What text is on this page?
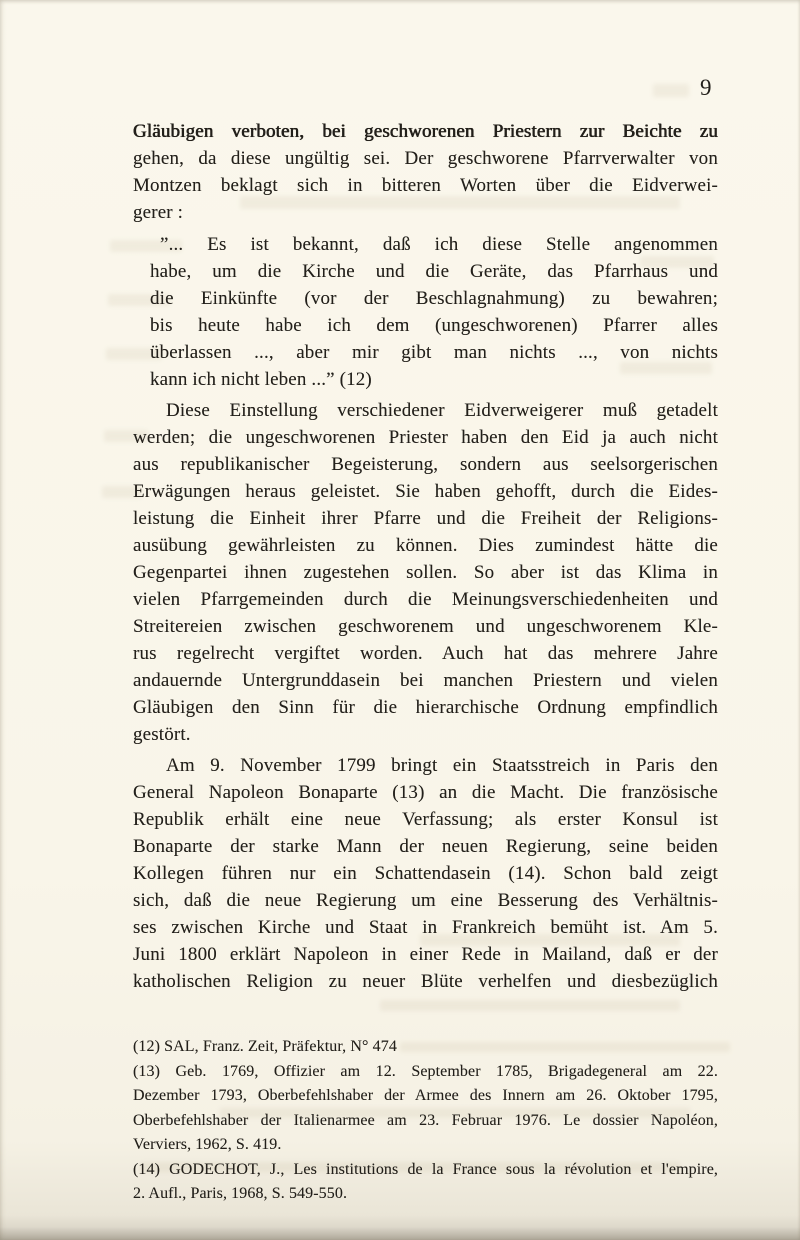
9
Gläubigen verboten, bei geschworenen Priestern zur Beichte zu
gehen, da diese ungültig sei. Der geschworene Pfarrverwalter von
Montzen beklagt sich in bitteren Worten über die Eidverwei-
gerer :
”... Es ist bekannt, daß ich diese Stelle angenommen
habe, um die Kirche und die Geräte, das Pfarrhaus und
die Einkünfte (vor der Beschlagnahmung) zu bewahren;
bis heute habe ich dem (ungeschworenen) Pfarrer alles
überlassen ..., aber mir gibt man nichts ..., von nichts
kann ich nicht leben ...” (12)
Diese Einstellung verschiedener Eidverweigerer muß getadelt
werden; die ungeschworenen Priester haben den Eid ja auch nicht
aus republikanischer Begeisterung, sondern aus seelsorgerischen
Erwägungen heraus geleistet. Sie haben gehofft, durch die Eides-
leistung die Einheit ihrer Pfarre und die Freiheit der Religions-
ausübung gewährleisten zu können. Dies zumindest hätte die
Gegenpartei ihnen zugestehen sollen. So aber ist das Klima in
vielen Pfarrgemeinden durch die Meinungsverschiedenheiten und
Streitereien zwischen geschworenem und ungeschworenem Kle-
rus regelrecht vergiftet worden. Auch hat das mehrere Jahre
andauernde Untergrunddasein bei manchen Priestern und vielen
Gläubigen den Sinn für die hierarchische Ordnung empfindlich
gestört.
Am 9. November 1799 bringt ein Staatsstreich in Paris den
General Napoleon Bonaparte (13) an die Macht. Die französische
Republik erhält eine neue Verfassung; als erster Konsul ist
Bonaparte der starke Mann der neuen Regierung, seine beiden
Kollegen führen nur ein Schattendasein (14). Schon bald zeigt
sich, daß die neue Regierung um eine Besserung des Verhältnis-
ses zwischen Kirche und Staat in Frankreich bemüht ist. Am 5.
Juni 1800 erklärt Napoleon in einer Rede in Mailand, daß er der
katholischen Religion zu neuer Blüte verhelfen und diesbezüglich
(12) SAL, Franz. Zeit, Präfektur, N° 474
(13) Geb. 1769, Offizier am 12. September 1785, Brigadegeneral am 22.
Dezember 1793, Oberbefehlshaber der Armee des Innern am 26. Oktober 1795,
Oberbefehlshaber der Italienarmee am 23. Februar 1976. Le dossier Napoléon,
Verviers, 1962, S. 419.
(14) GODECHOT, J., Les institutions de la France sous la révolution et l'empire,
2. Aufl., Paris, 1968, S. 549-550.
